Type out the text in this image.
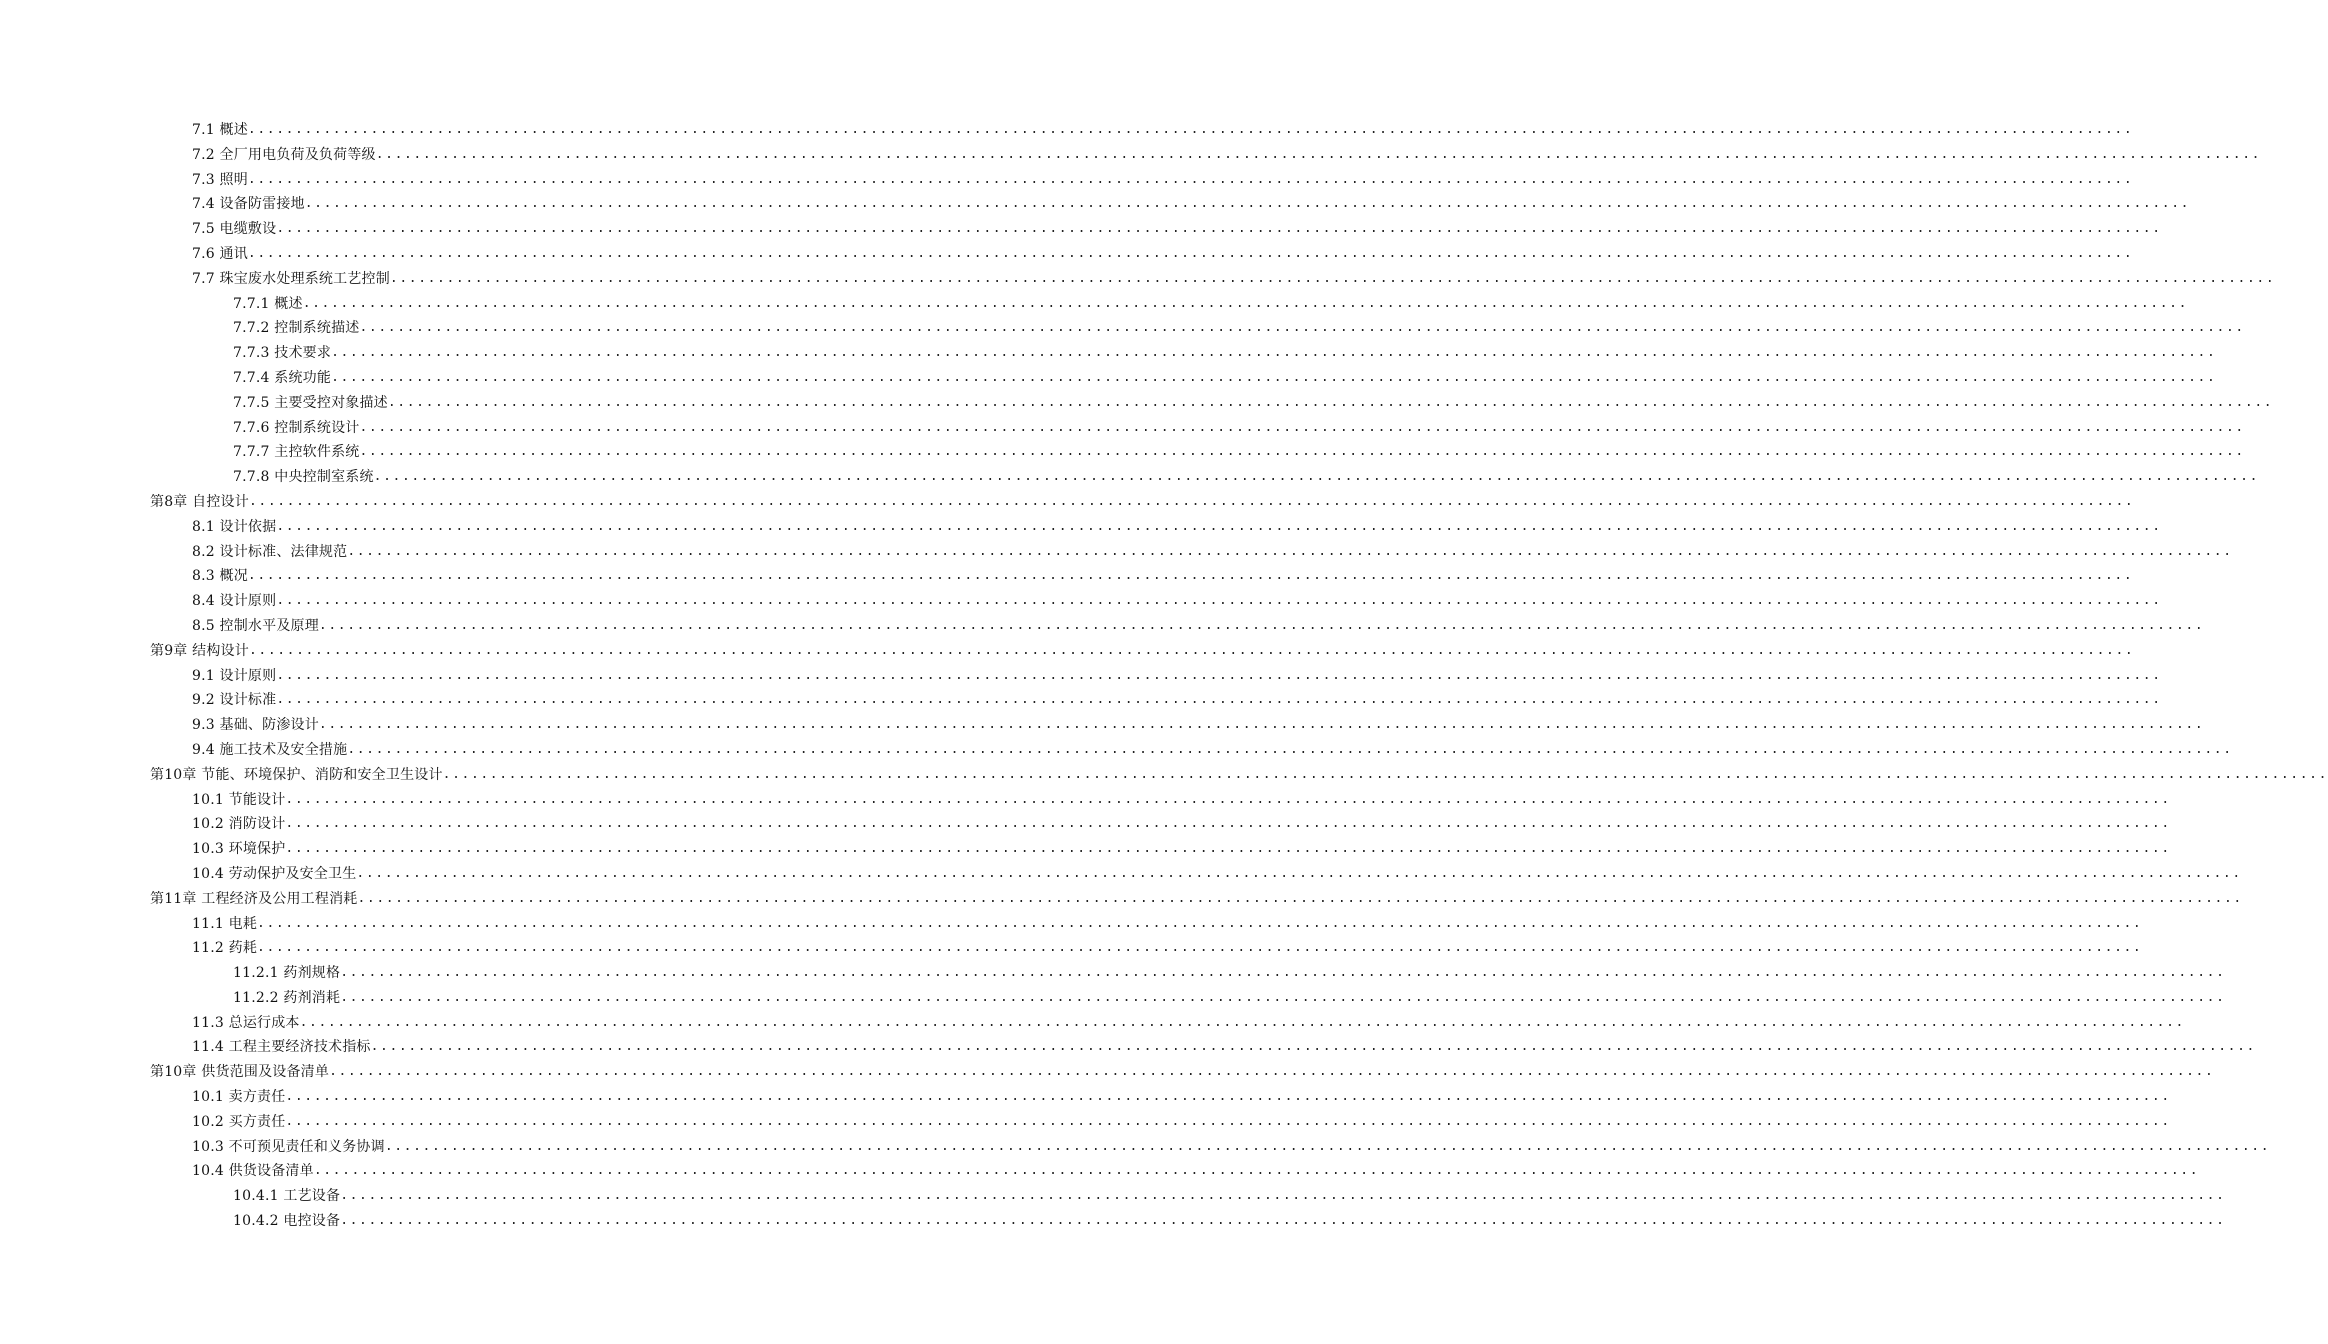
7.1 概述 ........................................................................................................................................................................................................
7.2 全厂用电负荷及负荷等级 ........................................................................................................................................................................................................
7.3 照明 ........................................................................................................................................................................................................
7.4 设备防雷接地 ........................................................................................................................................................................................................
7.5 电缆敷设 ........................................................................................................................................................................................................
7.6 通讯 ........................................................................................................................................................................................................
7.7 珠宝废水处理系统工艺控制 ........................................................................................................................................................................................................
7.7.1 概述 ........................................................................................................................................................................................................
7.7.2 控制系统描述 ........................................................................................................................................................................................................
7.7.3 技术要求 ........................................................................................................................................................................................................
7.7.4 系统功能 ........................................................................................................................................................................................................
7.7.5 主要受控对象描述 ........................................................................................................................................................................................................
7.7.6 控制系统设计 ........................................................................................................................................................................................................
7.7.7 主控软件系统 ........................................................................................................................................................................................................
7.7.8 中央控制室系统 ........................................................................................................................................................................................................
第8章 自控设计 ........................................................................................................................................................................................................
8.1 设计依据 ........................................................................................................................................................................................................
8.2 设计标准、法律规范 ........................................................................................................................................................................................................
8.3 概况 ........................................................................................................................................................................................................
8.4 设计原则 ........................................................................................................................................................................................................
8.5 控制水平及原理 ........................................................................................................................................................................................................
第9章 结构设计 ........................................................................................................................................................................................................
9.1 设计原则 ........................................................................................................................................................................................................
9.2 设计标准 ........................................................................................................................................................................................................
9.3 基础、防渗设计 ........................................................................................................................................................................................................
9.4 施工技术及安全措施 ........................................................................................................................................................................................................
第10章 节能、环境保护、消防和安全卫生设计 ........................................................................................................................................................................................................
10.1 节能设计 ........................................................................................................................................................................................................
10.2 消防设计 ........................................................................................................................................................................................................
10.3 环境保护 ........................................................................................................................................................................................................
10.4 劳动保护及安全卫生 ........................................................................................................................................................................................................
第11章 工程经济及公用工程消耗 ........................................................................................................................................................................................................
11.1 电耗 ........................................................................................................................................................................................................
11.2 药耗 ........................................................................................................................................................................................................
11.2.1 药剂规格 ........................................................................................................................................................................................................
11.2.2 药剂消耗 ........................................................................................................................................................................................................
11.3 总运行成本 ........................................................................................................................................................................................................
11.4 工程主要经济技术指标 ........................................................................................................................................................................................................
第10章 供货范围及设备清单 ........................................................................................................................................................................................................
10.1 卖方责任 ........................................................................................................................................................................................................
10.2 买方责任 ........................................................................................................................................................................................................
10.3 不可预见责任和义务协调 ........................................................................................................................................................................................................
10.4 供货设备清单 ........................................................................................................................................................................................................
10.4.1 工艺设备 ........................................................................................................................................................................................................
10.4.2 电控设备 ........................................................................................................................................................................................................
